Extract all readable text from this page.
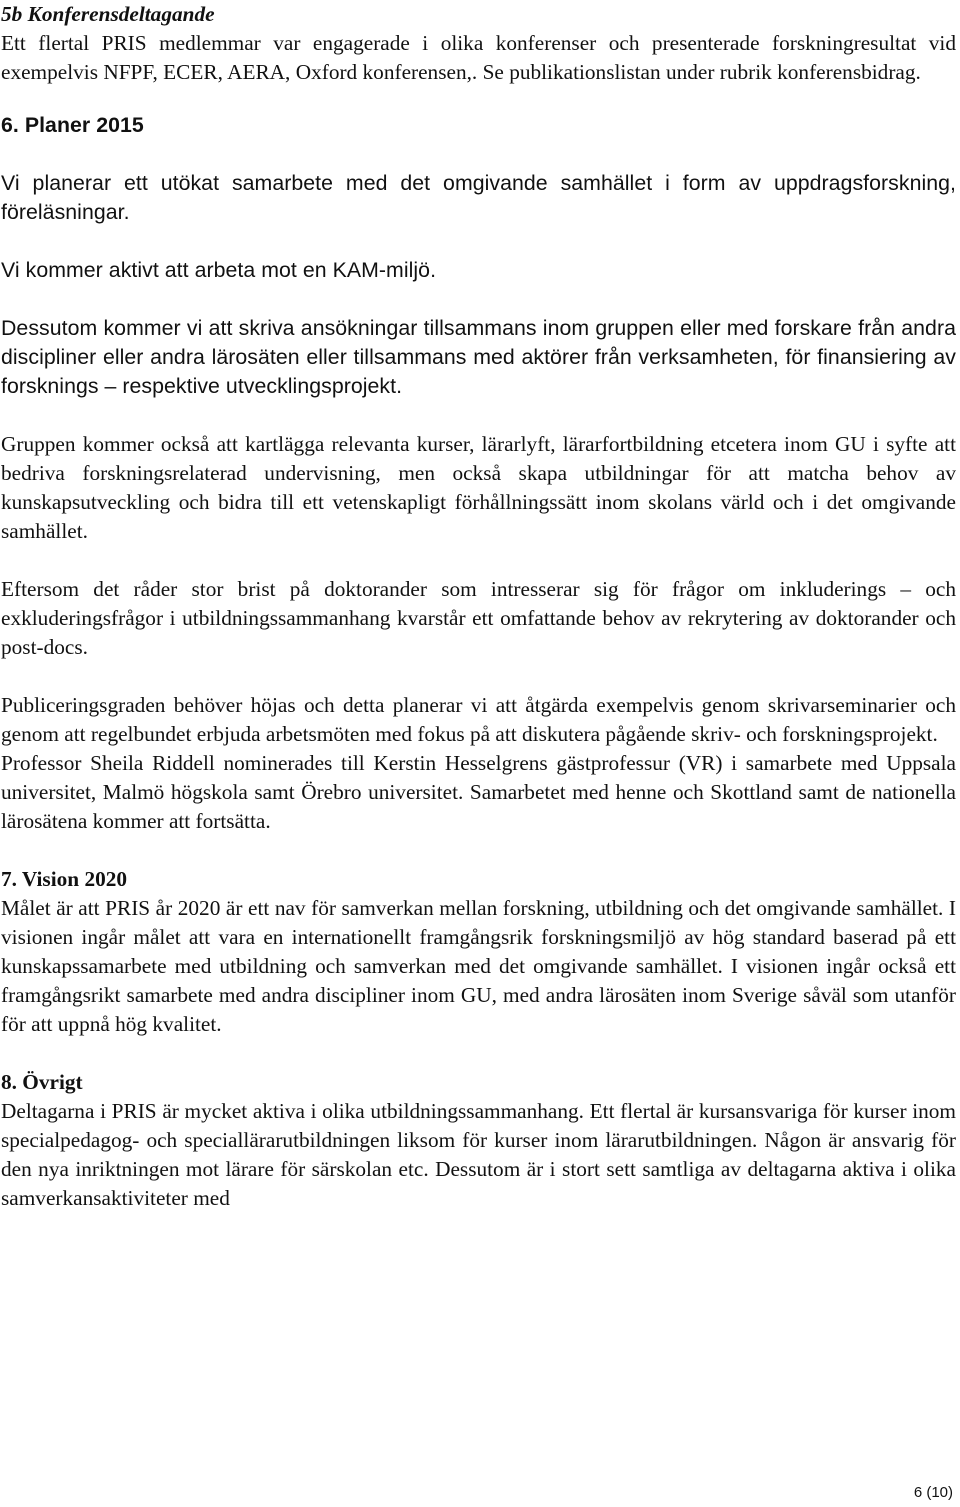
5b Konferensdeltagande

Ett flertal PRIS medlemmar var engagerade i olika konferenser och presenterade forskningresultat vid exempelvis NFPF, ECER, AERA, Oxford konferensen,. Se publikationslistan under rubrik konferensbidrag.

6. Planer 2015

Vi planerar ett utökat samarbete med det omgivande samhället i form av uppdragsforskning, föreläsningar.

Vi kommer aktivt att arbeta mot en KAM-miljö.

Dessutom kommer vi att skriva ansökningar tillsammans inom gruppen eller med forskare från andra discipliner eller andra lärosäten eller tillsammans med aktörer från verksamheten, för finansiering av forsknings – respektive utvecklingsprojekt.

Gruppen kommer också att kartlägga relevanta kurser, lärarlyft, lärarfortbildning etcetera inom GU i syfte att bedriva forskningsrelaterad undervisning, men också skapa utbildningar för att matcha behov av kunskapsutveckling och bidra till ett vetenskapligt förhållningssätt inom skolans värld och i det omgivande samhället.

Eftersom det råder stor brist på doktorander som intresserar sig för frågor om inkluderings – och exkluderingsfrågor i utbildningssammanhang kvarstår ett omfattande behov av rekrytering av doktorander och post-docs.

Publiceringsgraden behöver höjas och detta planerar vi att åtgärda exempelvis genom skrivarseminarier och genom att regelbundet erbjuda arbetsmöten med fokus på att diskutera pågående skriv- och forskningsprojekt.

Professor Sheila Riddell nominerades till Kerstin Hesselgrens gästprofessur (VR) i samarbete med Uppsala universitet, Malmö högskola samt Örebro universitet. Samarbetet med henne och Skottland samt de nationella lärosätena kommer att fortsätta.

7. Vision 2020

Målet är att PRIS år 2020 är ett nav för samverkan mellan forskning, utbildning och det omgivande samhället. I visionen ingår målet att vara en internationellt framgångsrik forskningsmiljö av hög standard baserad på ett kunskapssamarbete med utbildning och samverkan med det omgivande samhället. I visionen ingår också ett framgångsrikt samarbete med andra discipliner inom GU, med andra lärosäten inom Sverige såväl som utanför för att uppnå hög kvalitet.

8. Övrigt

Deltagarna i PRIS är mycket aktiva i olika utbildningssammanhang. Ett flertal är kursansvariga för kurser inom specialpedagog- och speciallärarutbildningen liksom för kurser inom lärarutbildningen. Någon är ansvarig för den nya inriktningen mot lärare för särskolan etc. Dessutom är i stort sett samtliga av deltagarna aktiva i olika samverkansaktiviteter med

6 (10)
